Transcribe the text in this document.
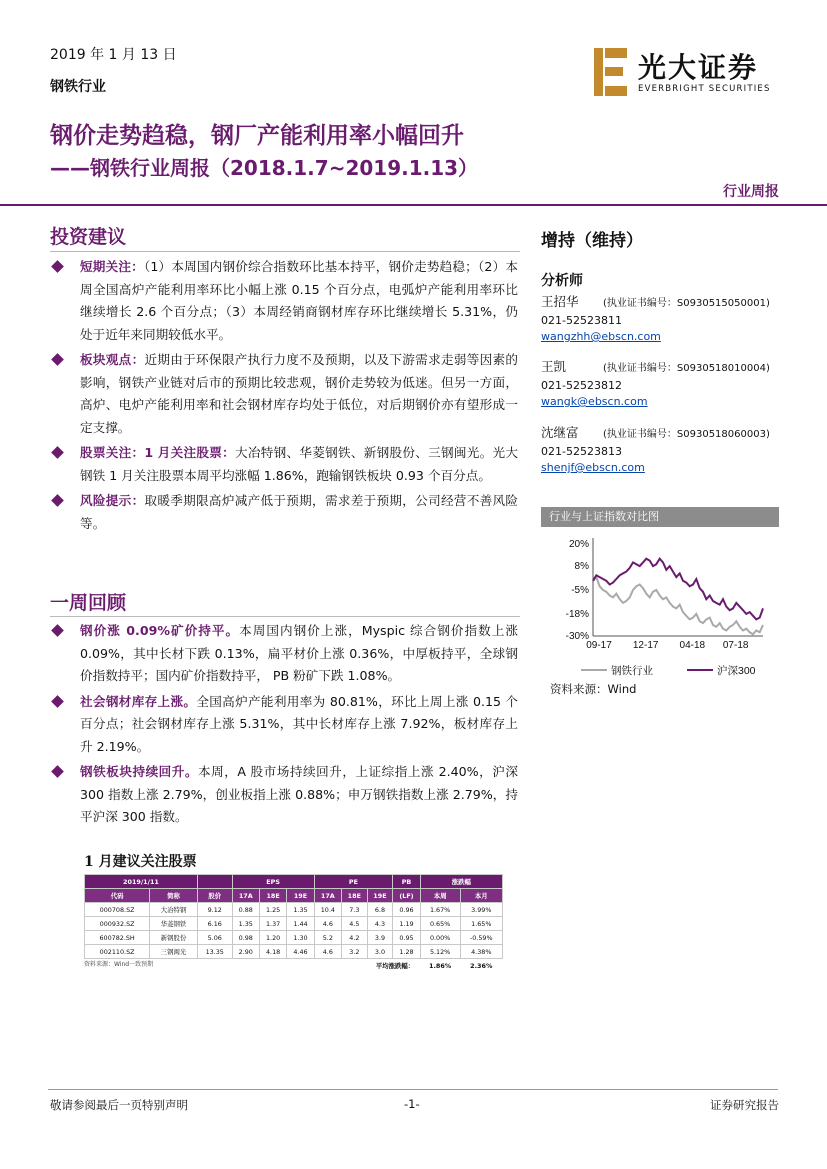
2019 年 1 月 13 日
钢铁行业
光大证券
EVERBRIGHT SECURITIES
钢价走势趋稳，钢厂产能利用率小幅回升
——钢铁行业周报（2018.1.7~2019.1.13）
行业周报
投资建议
短期关注：（1）本周国内钢价综合指数环比基本持平，钢价走势趋稳；（2）本周全国高炉产能利用率环比小幅上涨 0.15 个百分点，电弧炉产能利用率环比继续增长 2.6 个百分点；（3）本周经销商钢材库存环比继续增长 5.31%，仍处于近年来同期较低水平。
板块观点：近期由于环保限产执行力度不及预期，以及下游需求走弱等因素的影响，钢铁产业链对后市的预期比较悲观，钢价走势较为低迷。但另一方面，高炉、电炉产能利用率和社会钢材库存均处于低位，对后期钢价亦有望形成一定支撑。
股票关注：1 月关注股票：大冶特钢、华菱钢铁、新钢股份、三钢闽光。光大钢铁 1 月关注股票本周平均涨幅 1.86%，跑输钢铁板块 0.93 个百分点。
风险提示：取暖季期限高炉减产低于预期，需求差于预期，公司经营不善风险等。
一周回顾
钢价涨 0.09%矿价持平。本周国内钢价上涨，Myspic 综合钢价指数上涨 0.09%，其中长材下跌 0.13%，扁平材价上涨 0.36%，中厚板持平，全球钢价指数持平；国内矿价指数持平， PB 粉矿下跌 1.08%。
社会钢材库存上涨。全国高炉产能利用率为 80.81%，环比上周上涨 0.15 个百分点；社会钢材库存上涨 5.31%，其中长材库存上涨 7.92%，板材库存上升 2.19%。
钢铁板块持续回升。本周，A 股市场持续回升，上证综指上涨 2.40%，沪深 300 指数上涨 2.79%，创业板指上涨 0.88%；申万钢铁指数上涨 2.79%，持平沪深 300 指数。
增持（维持）
分析师
王招华 (执业证书编号：S0930515050001)
021-52523811
wangzhh@ebscn.com
王凯	(执业证书编号：S0930518010004)
021-52523812
wangk@ebscn.com
沈继富 (执业证书编号：S0930518060003)
021-52523813
shenjf@ebscn.com
行业与上证指数对比图
20%
8%
-5%
-18%
-30%
09-17 12-17 04-18 07-18
钢铁行业	沪深300
资料来源：Wind
1 月建议关注股票
2019/1/11			EPS			PE			PB	涨跌幅	
代码	简称	股价	17A	18E	19E	17A	18E	19E	(LF)	本周	本月
000708.SZ	大冶特钢	9.12	0.88	1.25	1.35	10.4	7.3	6.8	0.96	1.67%	3.99%
000932.SZ	华菱钢铁	6.16	1.35	1.37	1.44	4.6	4.5	4.3	1.19	0.65%	1.65%
600782.SH	新钢股份	5.06	0.98	1.20	1.30	5.2	4.2	3.9	0.95	0.00%	-0.59%
002110.SZ	三钢闽光	13.35	2.90	4.18	4.46	4.6	3.2	3.0	1.28	5.12%	4.38%
平均涨跌幅：										1.86%	2.36%
资料来源：Wind一致预期
敬请参阅最后一页特别声明	-1-	证券研究报告
